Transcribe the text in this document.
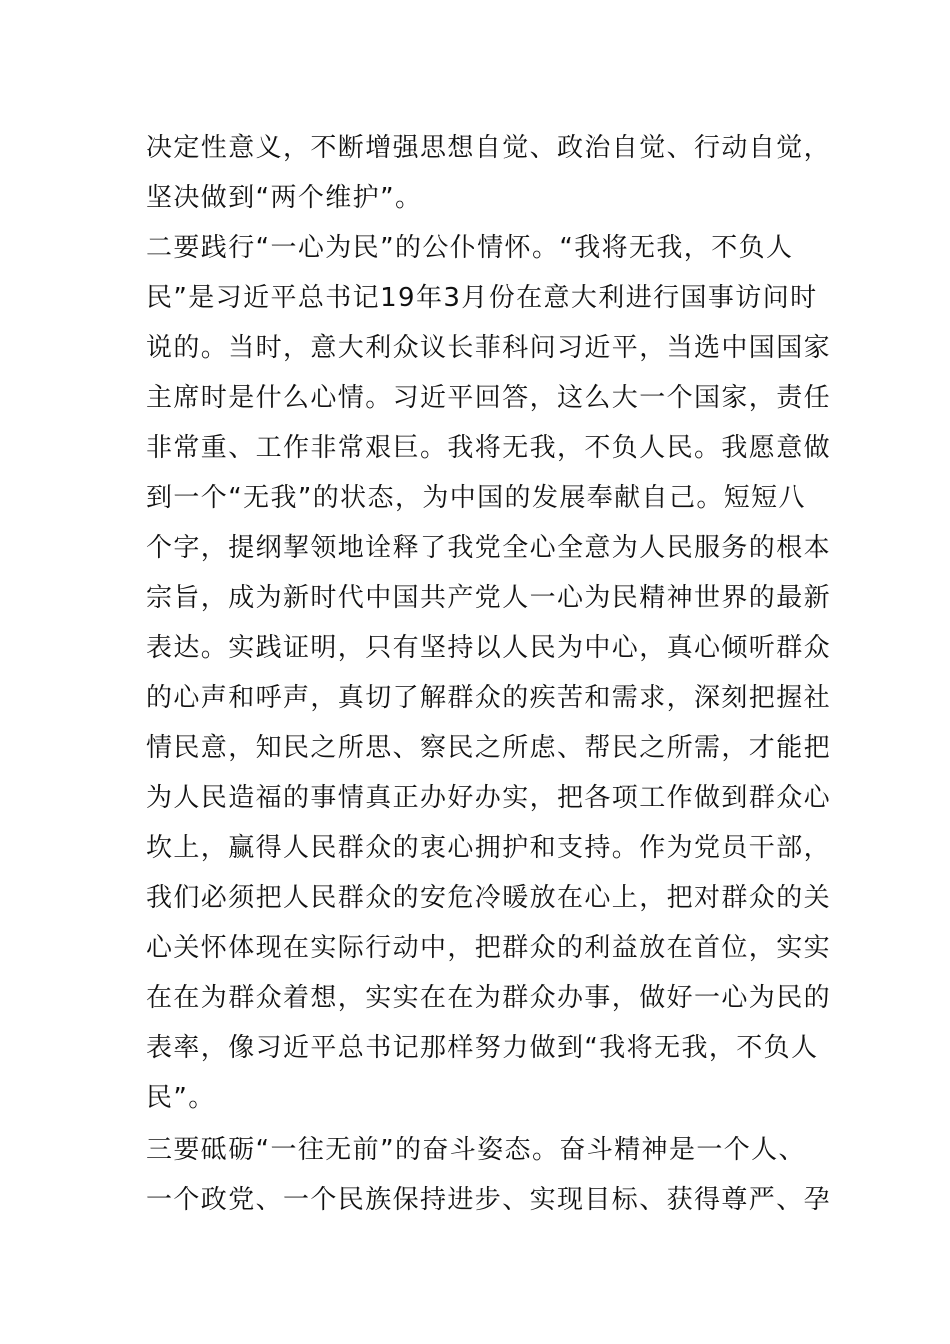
决定性意义，不断增强思想自觉、政治自觉、行动自觉，
坚决做到“两个维护”。
二要践行“一心为民”的公仆情怀。“我将无我，不负人
民”是习近平总书记19年3月份在意大利进行国事访问时
说的。当时，意大利众议长菲科问习近平，当选中国国家
主席时是什么心情。习近平回答，这么大一个国家，责任
非常重、工作非常艰巨。我将无我，不负人民。我愿意做
到一个“无我”的状态，为中国的发展奉献自己。短短八
个字，提纲挈领地诠释了我党全心全意为人民服务的根本
宗旨，成为新时代中国共产党人一心为民精神世界的最新
表达。实践证明，只有坚持以人民为中心，真心倾听群众
的心声和呼声，真切了解群众的疾苦和需求，深刻把握社
情民意，知民之所思、察民之所虑、帮民之所需，才能把
为人民造福的事情真正办好办实，把各项工作做到群众心
坎上，赢得人民群众的衷心拥护和支持。作为党员干部，
我们必须把人民群众的安危冷暖放在心上，把对群众的关
心关怀体现在实际行动中，把群众的利益放在首位，实实
在在为群众着想，实实在在为群众办事，做好一心为民的
表率，像习近平总书记那样努力做到“我将无我，不负人
民”。
三要砥砺“一往无前”的奋斗姿态。奋斗精神是一个人、
一个政党、一个民族保持进步、实现目标、获得尊严、孕
